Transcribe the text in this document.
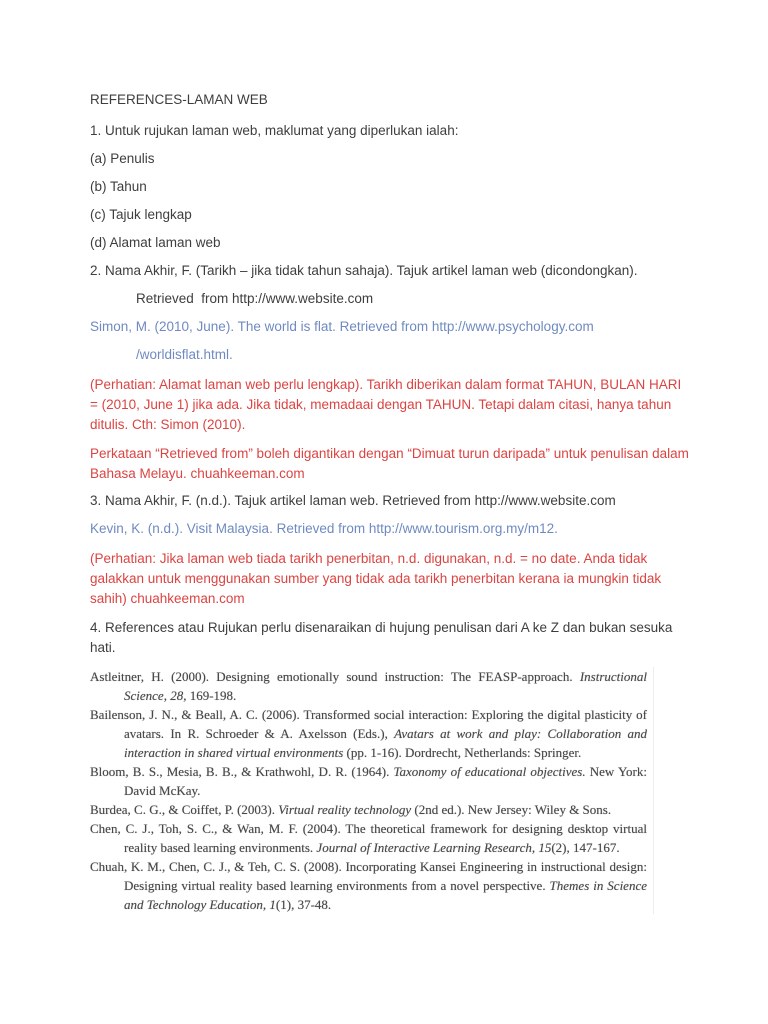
REFERENCES-LAMAN WEB

1. Untuk rujukan laman web, maklumat yang diperlukan ialah:

(a) Penulis

(b) Tahun

(c) Tajuk lengkap

(d) Alamat laman web

2. Nama Akhir, F. (Tarikh – jika tidak tahun sahaja). Tajuk artikel laman web (dicondongkan).

Retrieved  from http://www.website.com

Simon, M. (2010, June). The world is flat. Retrieved from http://www.psychology.com

/worldisflat.html.

(Perhatian: Alamat laman web perlu lengkap). Tarikh diberikan dalam format TAHUN, BULAN HARI = (2010, June 1) jika ada. Jika tidak, memadaai dengan TAHUN. Tetapi dalam citasi, hanya tahun ditulis. Cth: Simon (2010).

Perkataan “Retrieved from” boleh digantikan dengan “Dimuat turun daripada” untuk penulisan dalam Bahasa Melayu. chuahkeeman.com

3. Nama Akhir, F. (n.d.). Tajuk artikel laman web. Retrieved from http://www.website.com

Kevin, K. (n.d.). Visit Malaysia. Retrieved from http://www.tourism.org.my/m12.

(Perhatian: Jika laman web tiada tarikh penerbitan, n.d. digunakan, n.d. = no date. Anda tidak galakkan untuk menggunakan sumber yang tidak ada tarikh penerbitan kerana ia mungkin tidak sahih) chuahkeeman.com

4. References atau Rujukan perlu disenaraikan di hujung penulisan dari A ke Z dan bukan sesuka hati.

Astleitner, H. (2000). Designing emotionally sound instruction: The FEASP-approach. Instructional Science, 28, 169-198.

Bailenson, J. N., & Beall, A. C. (2006). Transformed social interaction: Exploring the digital plasticity of avatars. In R. Schroeder & A. Axelsson (Eds.), Avatars at work and play: Collaboration and interaction in shared virtual environments (pp. 1-16). Dordrecht, Netherlands: Springer.

Bloom, B. S., Mesia, B. B., & Krathwohl, D. R. (1964). Taxonomy of educational objectives. New York: David McKay.

Burdea, C. G., & Coiffet, P. (2003). Virtual reality technology (2nd ed.). New Jersey: Wiley & Sons.

Chen, C. J., Toh, S. C., & Wan, M. F. (2004). The theoretical framework for designing desktop virtual reality based learning environments. Journal of Interactive Learning Research, 15(2), 147-167.

Chuah, K. M., Chen, C. J., & Teh, C. S. (2008). Incorporating Kansei Engineering in instructional design: Designing virtual reality based learning environments from a novel perspective. Themes in Science and Technology Education, 1(1), 37-48.
